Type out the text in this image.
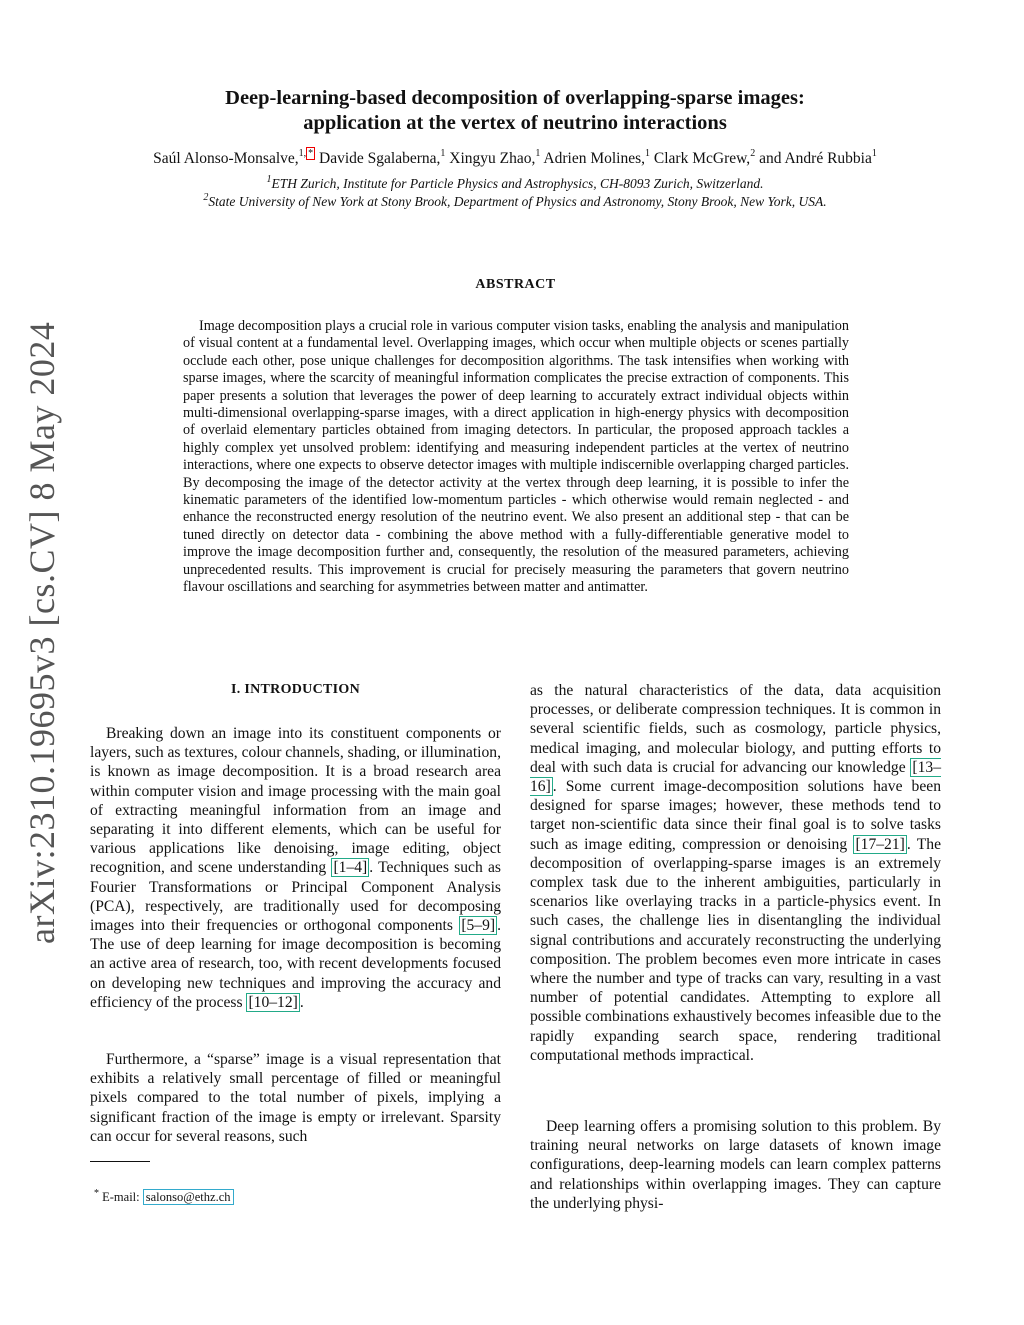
arXiv:2310.19695v3 [cs.CV] 8 May 2024
Deep-learning-based decomposition of overlapping-sparse images:
application at the vertex of neutrino interactions
Saúl Alonso-Monsalve,$^{1, *}$ Davide Sgalaberna,$^1$ Xingyu Zhao,$^1$ Adrien Molines,$^1$ Clark McGrew,$^2$ and André Rubbia$^1$
$^1$ETH Zurich, Institute for Particle Physics and Astrophysics, CH-8093 Zurich, Switzerland.
$^2$State University of New York at Stony Brook, Department of Physics and Astronomy, Stony Brook, New York, USA.
ABSTRACT

Image decomposition plays a crucial role in various computer vision tasks, enabling the analysis and manipulation of visual content at a fundamental level. Overlapping images, which occur when multiple objects or scenes partially occlude each other, pose unique challenges for decomposition algorithms. The task intensifies when working with sparse images, where the scarcity of meaningful information complicates the precise extraction of components. This paper presents a solution that leverages the power of deep learning to accurately extract individual objects within multi-dimensional overlapping-sparse images, with a direct application in high-energy physics with decomposition of overlaid elementary particles obtained from imaging detectors. In particular, the proposed approach tackles a highly complex yet unsolved problem: identifying and measuring independent particles at the vertex of neutrino interactions, where one expects to observe detector images with multiple indiscernible overlapping charged particles. By decomposing the image of the detector activity at the vertex through deep learning, it is possible to infer the kinematic parameters of the identified low-momentum particles - which otherwise would remain neglected - and enhance the reconstructed energy resolution of the neutrino event. We also present an additional step - that can be tuned directly on detector data - combining the above method with a fully-differentiable generative model to improve the image decomposition further and, consequently, the resolution of the measured parameters, achieving unprecedented results. This improvement is crucial for precisely measuring the parameters that govern neutrino flavour oscillations and searching for asymmetries between matter and antimatter.

I. INTRODUCTION

Breaking down an image into its constituent components or layers, such as textures, colour channels, shading, or illumination, is known as image decomposition. It is a broad research area within computer vision and image processing with the main goal of extracting meaningful information from an image and separating it into different elements, which can be useful for various applications like denoising, image editing, object recognition, and scene understanding [1–4] . Techniques such as Fourier Transformations or Principal Component Analysis (PCA), respectively, are traditionally used for decomposing images into their frequencies or orthogonal components [5–9] . The use of deep learning for image decomposition is becoming an active area of research, too, with recent developments focused on developing new techniques and improving the accuracy and efficiency of the process [10–12] .

Furthermore, a “sparse” image is a visual representation that exhibits a relatively small percentage of filled or meaningful pixels compared to the total number of pixels, implying a significant fraction of the image is empty or irrelevant. Sparsity can occur for several reasons, such

* E-mail: salonso@ethz.ch

as the natural characteristics of the data, data acquisition processes, or deliberate compression techniques. It is common in several scientific fields, such as cosmology, particle physics, medical imaging, and molecular biology, and putting efforts to deal with such data is crucial for advancing our knowledge [13–16] . Some current image-decomposition solutions have been designed for sparse images; however, these methods tend to target non-scientific data since their final goal is to solve tasks such as image editing, compression or denoising [17–21] . The decomposition of overlapping-sparse images is an extremely complex task due to the inherent ambiguities, particularly in scenarios like overlaying tracks in a particle-physics event. In such cases, the challenge lies in disentangling the individual signal contributions and accurately reconstructing the underlying composition. The problem becomes even more intricate in cases where the number and type of tracks can vary, resulting in a vast number of potential candidates. Attempting to explore all possible combinations exhaustively becomes infeasible due to the rapidly expanding search space, rendering traditional computational methods impractical.

Deep learning offers a promising solution to this problem. By training neural networks on large datasets of known image configurations, deep-learning models can learn complex patterns and relationships within overlapping images. They can capture the underlying physi-
